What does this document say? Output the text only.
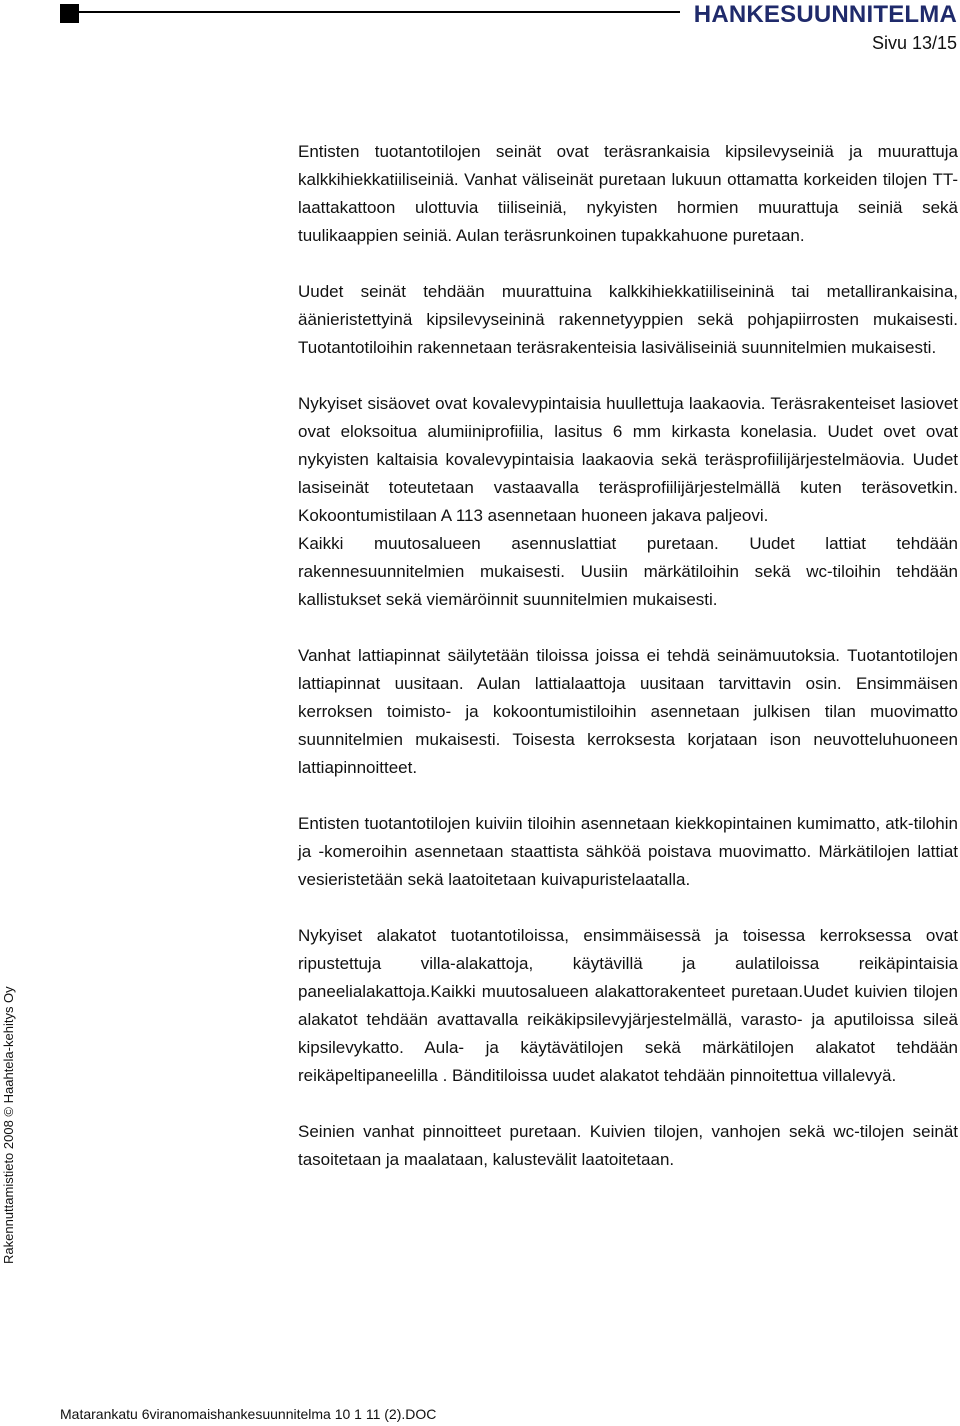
HANKESUUNNITELMA
Sivu 13/15
Rakennuttamistieto 2008 © Haahtela-kehitys Oy

Entisten tuotantotilojen seinät ovat teräsrankaisia kipsilevyseiniä ja muurattuja kalkkihiekkatiiliseiniä. Vanhat väliseinät puretaan lukuun ottamatta korkeiden tilojen TT-laattakattoon ulottuvia tiiliseiniä, nykyisten hormien muurattuja seiniä sekä tuulikaappien seiniä. Aulan teräsrunkoinen tupakkahuone puretaan.

Uudet seinät tehdään muurattuina kalkkihiekkatiiliseininä tai metallirankaisina, äänieristettyinä kipsilevyseininä rakennetyyppien sekä pohjapiirrosten mukaisesti. Tuotantotiloihin rakennetaan teräsrakenteisia lasiväliseiniä suunnitelmien mukaisesti.

Nykyiset sisäovet ovat kovalevypintaisia huullettuja laakaovia. Teräsrakenteiset lasiovet ovat eloksoitua alumiiniprofiilia, lasitus 6 mm kirkasta konelasia. Uudet ovet ovat nykyisten kaltaisia kovalevypintaisia laakaovia sekä teräsprofiilijärjestelmäovia. Uudet lasiseinät toteutetaan vastaavalla teräsprofiilijärjestelmällä kuten teräsovetkin. Kokoontumistilaan A 113 asennetaan huoneen jakava paljeovi.

Kaikki muutosalueen asennuslattiat puretaan. Uudet lattiat tehdään rakennesuunnitelmien mukaisesti. Uusiin märkätiloihin sekä wc-tiloihin tehdään kallistukset sekä viemäröinnit suunnitelmien mukaisesti.

Vanhat lattiapinnat säilytetään tiloissa joissa ei tehdä seinämuutoksia. Tuotantotilojen lattiapinnat uusitaan. Aulan lattialaattoja uusitaan tarvittavin osin. Ensimmäisen kerroksen toimisto- ja kokoontumistiloihin asennetaan julkisen tilan muovimatto suunnitelmien mukaisesti. Toisesta kerroksesta korjataan ison neuvotteluhuoneen lattiapinnoitteet.

Entisten tuotantotilojen kuiviin tiloihin asennetaan kiekkopintainen kumimatto, atk-tilohin ja -komeroihin asennetaan staattista sähköä poistava muovimatto. Märkätilojen lattiat vesieristetään sekä laatoitetaan kuivapuristelaatalla.

Nykyiset alakatot tuotantotiloissa, ensimmäisessä ja toisessa kerroksessa ovat ripustettuja villa-alakattoja, käytävillä ja aulatiloissa reikäpintaisia paneelialakattoja.Kaikki muutosalueen alakattorakenteet puretaan.Uudet kuivien tilojen alakatot tehdään avattavalla reikäkipsilevyjärjestelmällä, varasto- ja aputiloissa sileä kipsilevykatto. Aula- ja käytävätilojen sekä märkätilojen alakatot tehdään reikäpeltipaneelilla . Bänditiloissa uudet alakatot tehdään pinnoitettua villalevyä.

Seinien vanhat pinnoitteet puretaan. Kuivien tilojen, vanhojen sekä wc-tilojen seinät tasoitetaan ja maalataan, kalustevälit laatoitetaan.

Matarankatu 6viranomaishankesuunnitelma 10 1 11 (2).DOC
